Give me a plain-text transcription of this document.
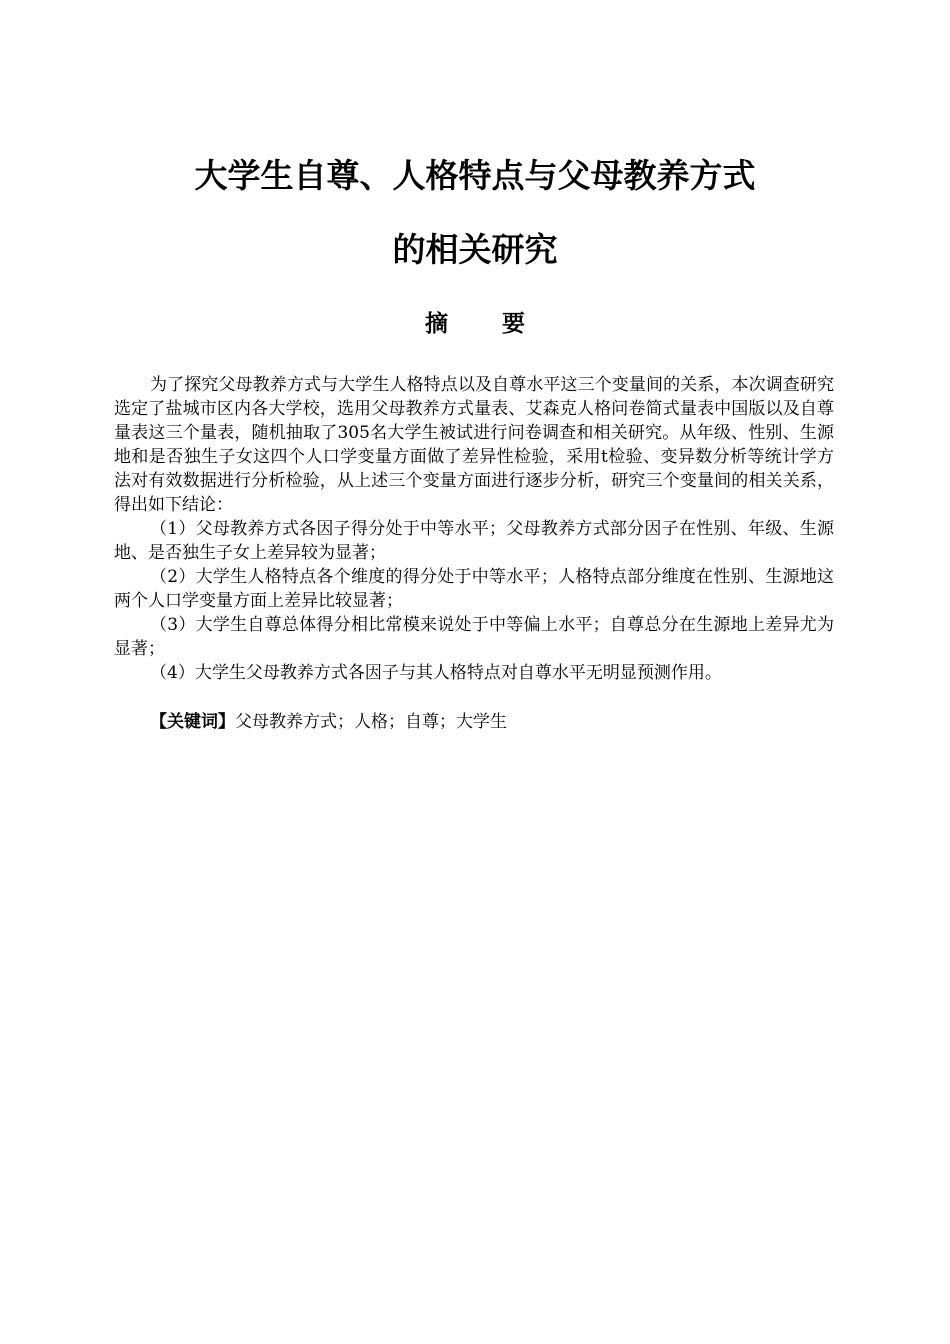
大学生自尊、人格特点与父母教养方式
的相关研究
摘 要

为了探究父母教养方式与大学生人格特点以及自尊水平这三个变量间的关系，本次调查研究选定了盐城市区内各大学校，选用父母教养方式量表、艾森克人格问卷简式量表中国版以及自尊量表这三个量表，随机抽取了305名大学生被试进行问卷调查和相关研究。从年级、性别、生源地和是否独生子女这四个人口学变量方面做了差异性检验，采用t检验、变异数分析等统计学方法对有效数据进行分析检验，从上述三个变量方面进行逐步分析，研究三个变量间的相关关系，得出如下结论：

（1）父母教养方式各因子得分处于中等水平；父母教养方式部分因子在性别、年级、生源地、是否独生子女上差异较为显著；

（2）大学生人格特点各个维度的得分处于中等水平；人格特点部分维度在性别、生源地这两个人口学变量方面上差异比较显著；

（3）大学生自尊总体得分相比常模来说处于中等偏上水平；自尊总分在生源地上差异尤为显著；

（4）大学生父母教养方式各因子与其人格特点对自尊水平无明显预测作用。

【关键词】父母教养方式；人格；自尊；大学生
